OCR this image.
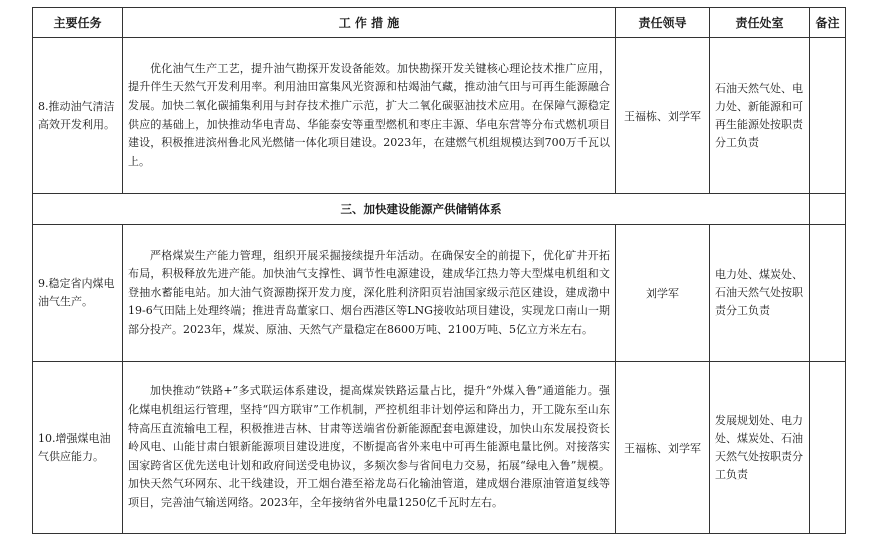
主要任务	工 作 措 施	责任领导	责任处室	备注
8.推动油气清洁高效开发利用。	优化油气生产工艺，提升油气勘探开发设备能效。加快勘探开发关键核心理论技术推广应用，提升伴生天然气开发利用率。利用油田富集风光资源和枯竭油气藏，推动油气田与可再生能源融合发展。加快二氧化碳捕集利用与封存技术推广示范，扩大二氧化碳驱油技术应用。在保障气源稳定供应的基础上，加快推动华电青岛、华能泰安等重型燃机和枣庄丰源、华电东营等分布式燃机项目建设，积极推进滨州鲁北风光燃储一体化项目建设。2023年，在建燃气机组规模达到700万千瓦以上。	王福栋、刘学军	石油天然气处、电力处、新能源和可再生能源处按职责分工负责	
三、加快建设能源产供储销体系				
9.稳定省内煤电油气生产。	严格煤炭生产能力管理，组织开展采掘接续提升年活动。在确保安全的前提下，优化矿井开拓布局，积极释放先进产能。加快油气支撑性、调节性电源建设，建成华江热力等大型煤电机组和文登抽水蓄能电站。加大油气资源勘探开发力度，深化胜利济阳页岩油国家级示范区建设，建成渤中19-6气田陆上处理终端；推进青岛董家口、烟台西港区等LNG接收站项目建设，实现龙口南山一期部分投产。2023年，煤炭、原油、天然气产量稳定在8600万吨、2100万吨、5亿立方米左右。	刘学军	电力处、煤炭处、石油天然气处按职责分工负责	
10.增强煤电油气供应能力。	加快推动“铁路+”多式联运体系建设，提高煤炭铁路运量占比，提升“外煤入鲁”通道能力。强化煤电机组运行管理，坚持“四方联审”工作机制，严控机组非计划停运和降出力，开工陇东至山东特高压直流输电工程，积极推进吉林、甘肃等送端省份新能源配套电源建设，加快山东发展投资长岭风电、山能甘肃白银新能源项目建设进度，不断提高省外来电中可再生能源电量比例。对接落实国家跨省区优先送电计划和政府间送受电协议，多频次参与省间电力交易，拓展“绿电入鲁”规模。加快天然气环网东、北干线建设，开工烟台港至裕龙岛石化输油管道，建成烟台港原油管道复线等项目，完善油气输送网络。2023年，全年接纳省外电量1250亿千瓦时左右。	王福栋、刘学军	发展规划处、电力处、煤炭处、石油天然气处按职责分工负责	
